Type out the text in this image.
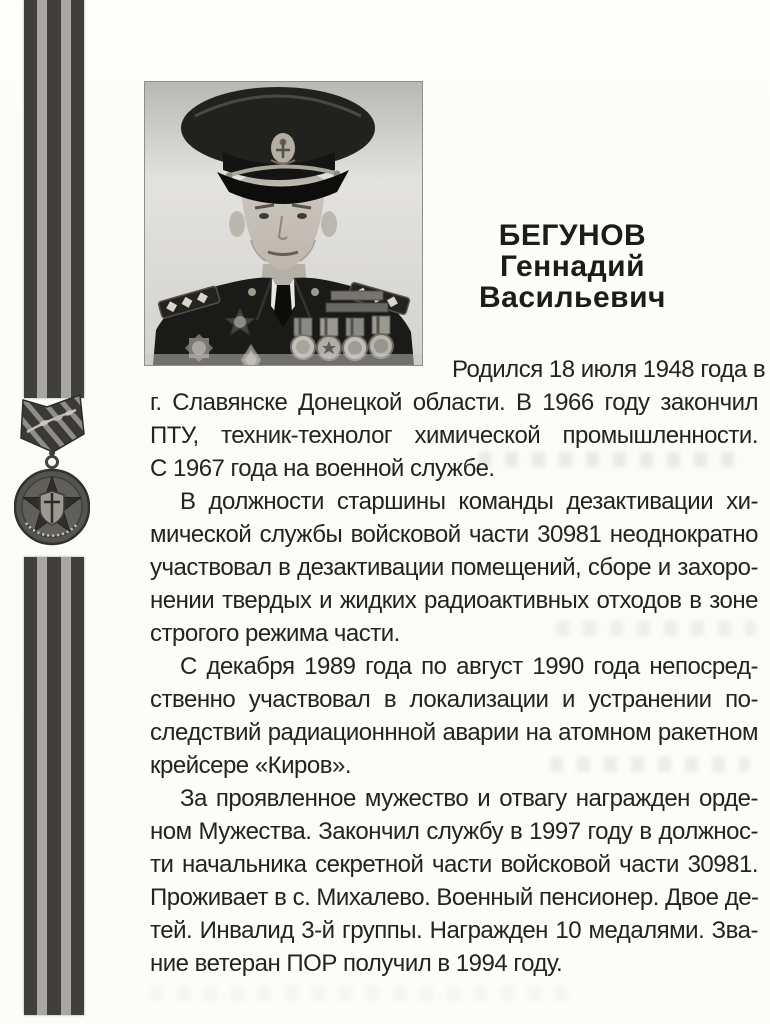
БЕГУНОВ
Геннадий
Васильевич
Родился 18 июля 1948 года в
г. Славянске Донецкой области. В 1966 году закончил
ПТУ, техник-технолог химической промышленности.
С 1967 года на военной службе.
В должности старшины команды дезактивации хи-
мической службы войсковой части 30981 неоднократно
участвовал в дезактивации помещений, сборе и захоро-
нении твердых и жидких радиоактивных отходов в зоне
строгого режима части.
С декабря 1989 года по август 1990 года непосред-
ственно участвовал в локализации и устранении по-
следствий радиационнной аварии на атомном ракетном
крейсере «Киров».
За проявленное мужество и отвагу награжден орде-
ном Мужества. Закончил службу в 1997 году в должнос-
ти начальника секретной части войсковой части 30981.
Проживает в с. Михалево. Военный пенсионер. Двое де-
тей. Инвалид 3-й группы. Награжден 10 медалями. Зва-
ние ветеран ПОР получил в 1994 году.
